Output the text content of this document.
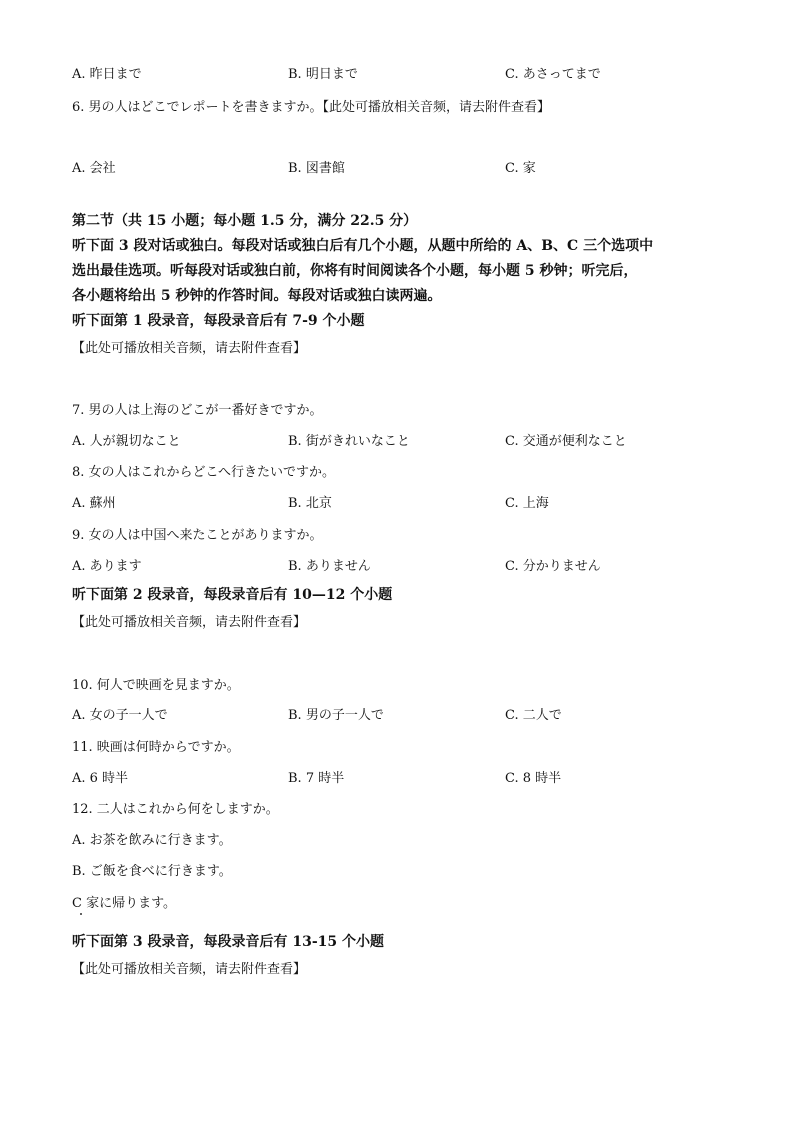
A. 昨日まで	B. 明日まで	C. あさってまで
6. 男の人はどこでレポートを書きますか。【此处可播放相关音频，请去附件查看】
A. 会社	B. 図書館	C. 家
第二节（共 15 小题；每小题 1.5 分，满分 22.5 分）
听下面 3 段对话或独白。每段对话或独白后有几个小题，从题中所给的 A、B、C 三个选项中
选出最佳选项。听每段对话或独白前，你将有时间阅读各个小题，每小题 5 秒钟；听完后，
各小题将给出 5 秒钟的作答时间。每段对话或独白读两遍。
听下面第 1 段录音，每段录音后有 7-9 个小题
【此处可播放相关音频，请去附件查看】
7. 男の人は上海のどこが一番好きですか。
A. 人が親切なこと	B. 街がきれいなこと	C. 交通が便利なこと
8. 女の人はこれからどこへ行きたいですか。
A. 蘇州	B. 北京	C. 上海
9. 女の人は中国へ来たことがありますか。
A. あります	B. ありません	C. 分かりません
听下面第 2 段录音，每段录音后有 10—12 个小题
【此处可播放相关音频，请去附件查看】
10. 何人で映画を見ますか。
A. 女の子一人で	B. 男の子一人で	C. 二人で
11. 映画は何時からですか。
A. 6 時半	B. 7 時半	C. 8 時半
12. 二人はこれから何をしますか。
A. お茶を飲みに行きます。
B. ご飯を食べに行きます。
C 家に帰ります。
听下面第 3 段录音，每段录音后有 13-15 个小题
【此处可播放相关音频，请去附件查看】
